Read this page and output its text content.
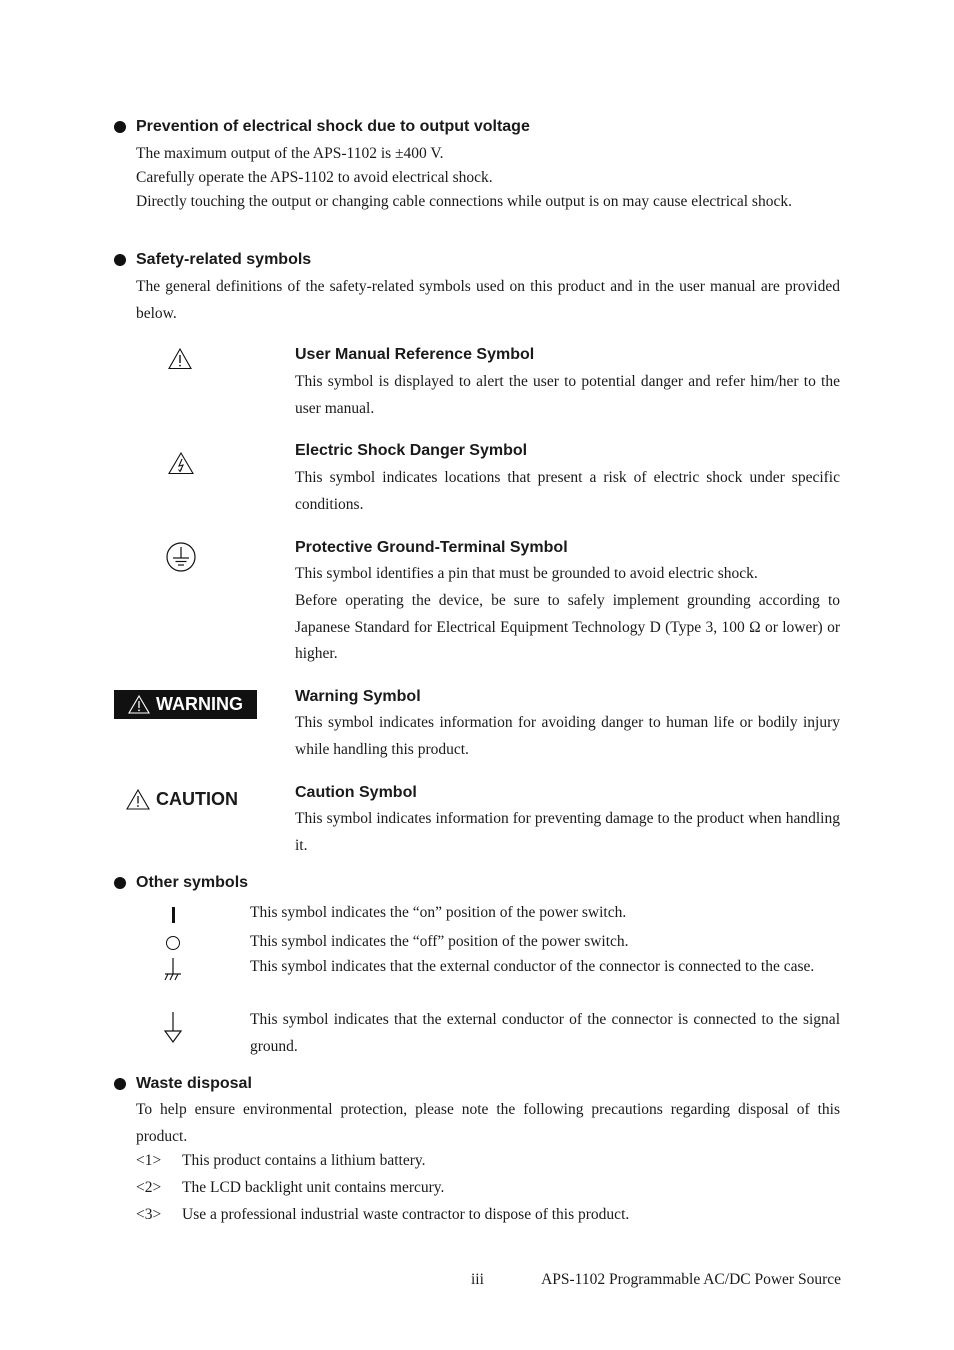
Prevention of electrical shock due to output voltage
The maximum output of the APS-1102 is ±400 V.
Carefully operate the APS-1102 to avoid electrical shock.
Directly touching the output or changing cable connections while output is on may cause electrical shock.
Safety-related symbols
The general definitions of the safety-related symbols used on this product and in the user manual are provided below.
User Manual Reference Symbol
This symbol is displayed to alert the user to potential danger and refer him/her to the user manual.
Electric Shock Danger Symbol
This symbol indicates locations that present a risk of electric shock under specific conditions.
Protective Ground-Terminal Symbol
This symbol identifies a pin that must be grounded to avoid electric shock.
Before operating the device, be sure to safely implement grounding according to Japanese Standard for Electrical Equipment Technology D (Type 3, 100 Ω or lower) or higher.
WARNING	Warning Symbol
This symbol indicates information for avoiding danger to human life or bodily injury while handling this product.
CAUTION	Caution Symbol
This symbol indicates information for preventing damage to the product when handling it.
Other symbols
This symbol indicates the “on” position of the power switch.
This symbol indicates the “off” position of the power switch.
This symbol indicates that the external conductor of the connector is connected to the case.
This symbol indicates that the external conductor of the connector is connected to the signal ground.
Waste disposal
To help ensure environmental protection, please note the following precautions regarding disposal of this product.
<1> This product contains a lithium battery.
<2> The LCD backlight unit contains mercury.
<3> Use a professional industrial waste contractor to dispose of this product.
iii	APS-1102 Programmable AC/DC Power Source
